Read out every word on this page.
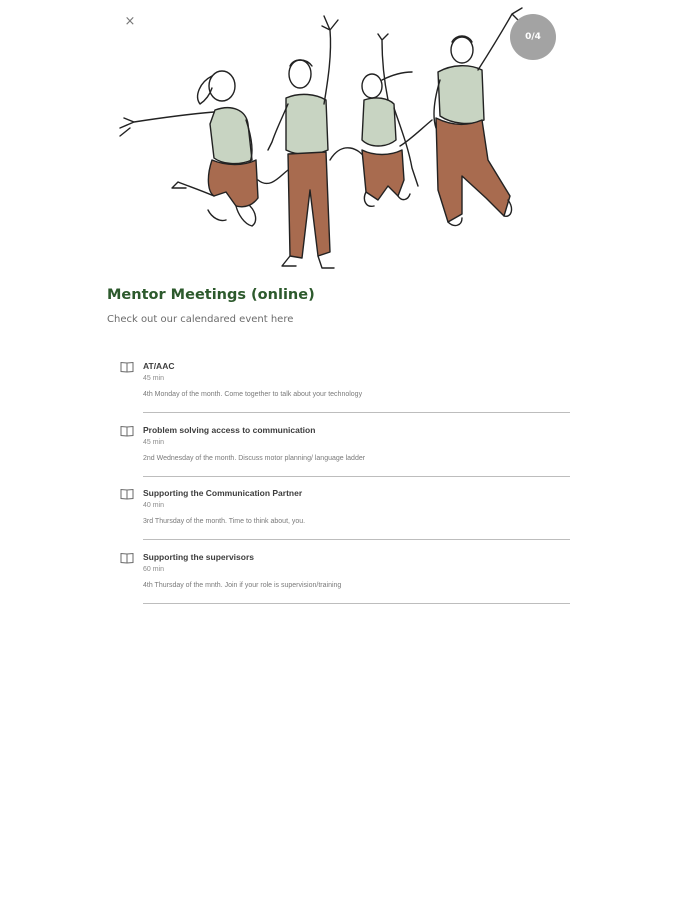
×
0/4
Mentor Meetings (online)

Check out our calendared event here

AT/AAC
45 min
4th Monday of the month. Come together to talk about your technology
Problem solving access to communication
45 min
2nd Wednesday of the month. Discuss motor planning/ language ladder
Supporting the Communication Partner
40 min
3rd Thursday of the month. Time to think about, you.
Supporting the supervisors
60 min
4th Thursday of the mnth. Join if your role is supervision/training
